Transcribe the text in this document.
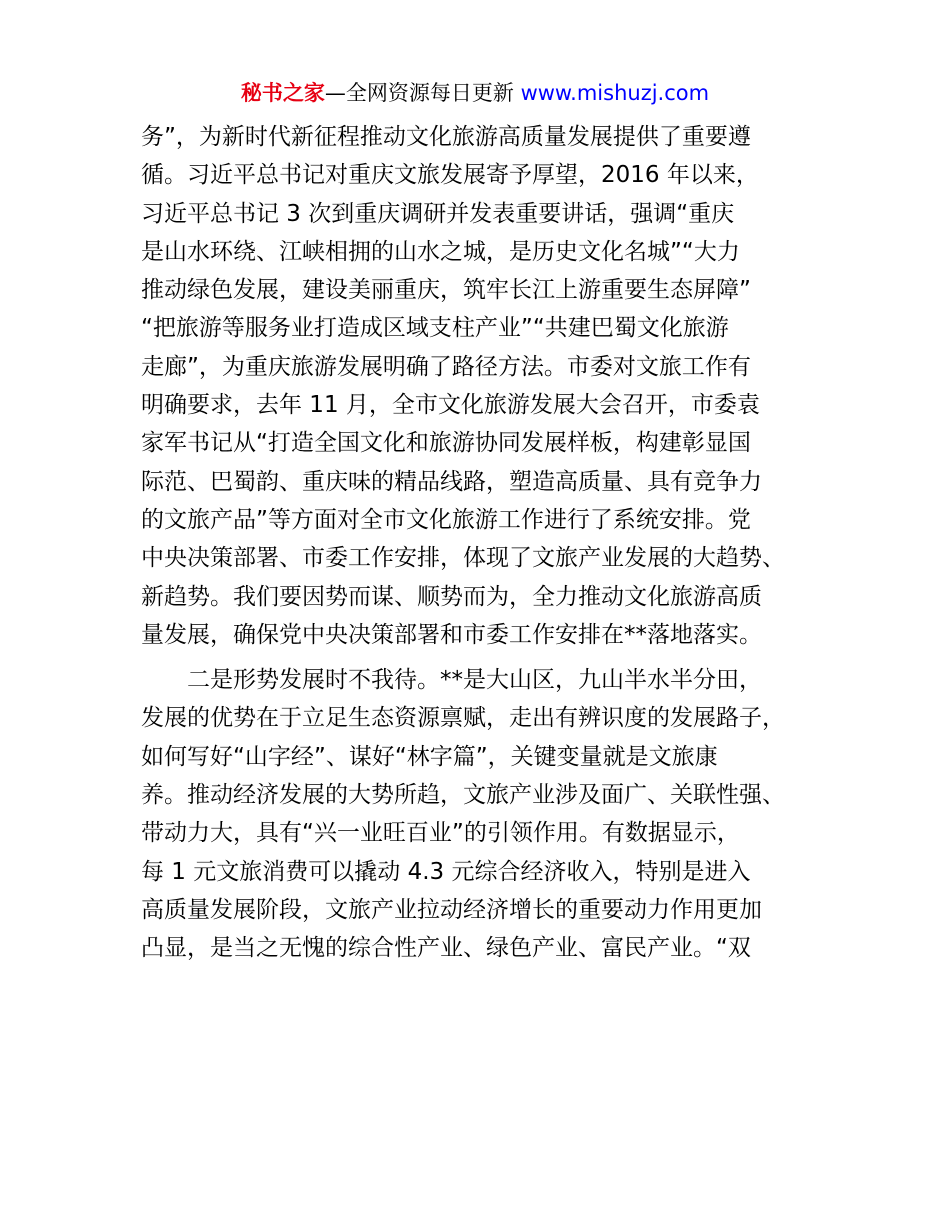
秘书之家—全网资源每日更新 www.mishuzj.com
务”，为新时代新征程推动文化旅游高质量发展提供了重要遵
循。习近平总书记对重庆文旅发展寄予厚望，2016 年以来，
习近平总书记 3 次到重庆调研并发表重要讲话，强调“重庆
是山水环绕、江峡相拥的山水之城，是历史文化名城”“大力
推动绿色发展，建设美丽重庆，筑牢长江上游重要生态屏障”
“把旅游等服务业打造成区域支柱产业”“共建巴蜀文化旅游
走廊”，为重庆旅游发展明确了路径方法。市委对文旅工作有
明确要求，去年 11 月，全市文化旅游发展大会召开，市委袁
家军书记从“打造全国文化和旅游协同发展样板，构建彰显国
际范、巴蜀韵、重庆味的精品线路，塑造高质量、具有竞争力
的文旅产品”等方面对全市文化旅游工作进行了系统安排。党
中央决策部署、市委工作安排，体现了文旅产业发展的大趋势、
新趋势。我们要因势而谋、顺势而为，全力推动文化旅游高质
量发展，确保党中央决策部署和市委工作安排在**落地落实。
二是形势发展时不我待。**是大山区，九山半水半分田，
发展的优势在于立足生态资源禀赋，走出有辨识度的发展路子，
如何写好“山字经”、谋好“林字篇”，关键变量就是文旅康
养。推动经济发展的大势所趋，文旅产业涉及面广、关联性强、
带动力大，具有“兴一业旺百业”的引领作用。有数据显示，
每 1 元文旅消费可以撬动 4.3 元综合经济收入，特别是进入
高质量发展阶段，文旅产业拉动经济增长的重要动力作用更加
凸显，是当之无愧的综合性产业、绿色产业、富民产业。“双
